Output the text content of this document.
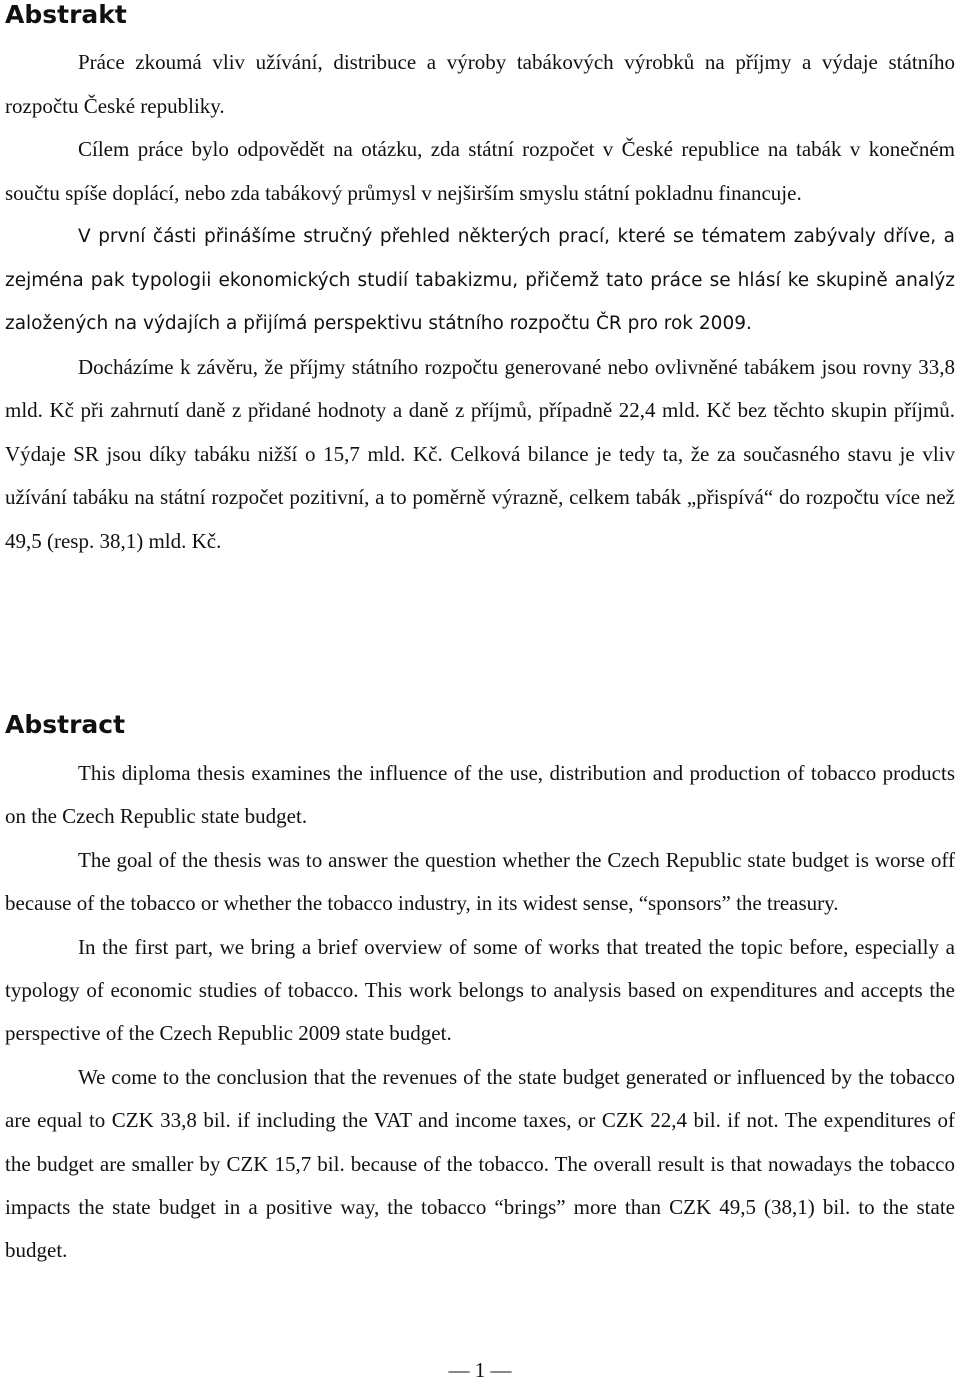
Abstrakt

Práce zkoumá vliv užívání, distribuce a výroby tabákových výrobků na příjmy a výdaje státního rozpočtu České republiky.

Cílem práce bylo odpovědět na otázku, zda státní rozpočet v České republice na tabák v konečném součtu spíše doplácí, nebo zda tabákový průmysl v nejširším smyslu státní pokladnu financuje.

V první části přinášíme stručný přehled některých prací, které se tématem zabývaly dříve, a zejména pak typologii ekonomických studií tabakizmu, přičemž tato práce se hlásí ke skupině analýz založených na výdajích a přijímá perspektivu státního rozpočtu ČR pro rok 2009.

Docházíme k závěru, že příjmy státního rozpočtu generované nebo ovlivněné tabákem jsou rovny 33,8 mld. Kč při zahrnutí daně z přidané hodnoty a daně z příjmů, případně 22,4 mld. Kč bez těchto skupin příjmů. Výdaje SR jsou díky tabáku nižší o 15,7 mld. Kč. Celková bilance je tedy ta, že za současného stavu je vliv užívání tabáku na státní rozpočet pozitivní, a to poměrně výrazně, celkem tabák „přispívá“ do rozpočtu více než 49,5 (resp. 38,1) mld. Kč.

Abstract

This diploma thesis examines the influence of the use, distribution and production of tobacco products on the Czech Republic state budget.

The goal of the thesis was to answer the question whether the Czech Republic state budget is worse off because of the tobacco or whether the tobacco industry, in its widest sense, “sponsors” the treasury.

In the first part, we bring a brief overview of some of works that treated the topic before, especially a typology of economic studies of tobacco. This work belongs to analysis based on expenditures and accepts the perspective of the Czech Republic 2009 state budget.

We come to the conclusion that the revenues of the state budget generated or influenced by the tobacco are equal to CZK 33,8 bil. if including the VAT and income taxes, or CZK 22,4 bil. if not. The expenditures of the budget are smaller by CZK 15,7 bil. because of the tobacco. The overall result is that nowadays the tobacco impacts the state budget in a positive way, the tobacco “brings” more than CZK 49,5 (38,1) bil. to the state budget.

— 1 —
